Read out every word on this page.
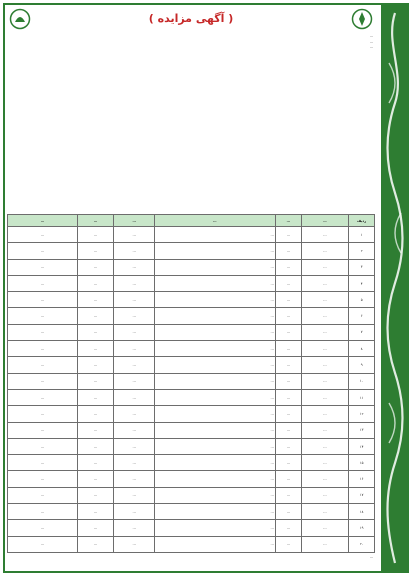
( آگهی مزایده )

…

…

…

ردیف	…	…	…	…	…	…
۱	…	…	…	…	…	…
۲	…	…	…	…	…	…
۳	…	…	…	…	…	…
۴	…	…	…	…	…	…
۵	…	…	…	…	…	…
۶	…	…	…	…	…	…
۷	…	…	…	…	…	…
۸	…	…	…	…	…	…
۹	…	…	…	…	…	…
۱۰	…	…	…	…	…	…
۱۱	…	…	…	…	…	…
۱۲	…	…	…	…	…	…
۱۳	…	…	…	…	…	…
۱۴	…	…	…	…	…	…
۱۵	…	…	…	…	…	…
۱۶	…	…	…	…	…	…
۱۷	…	…	…	…	…	…
۱۸	…	…	…	…	…	…
۱۹	…	…	…	…	…	…
۲۰	…	…	…	…	…	…
…
